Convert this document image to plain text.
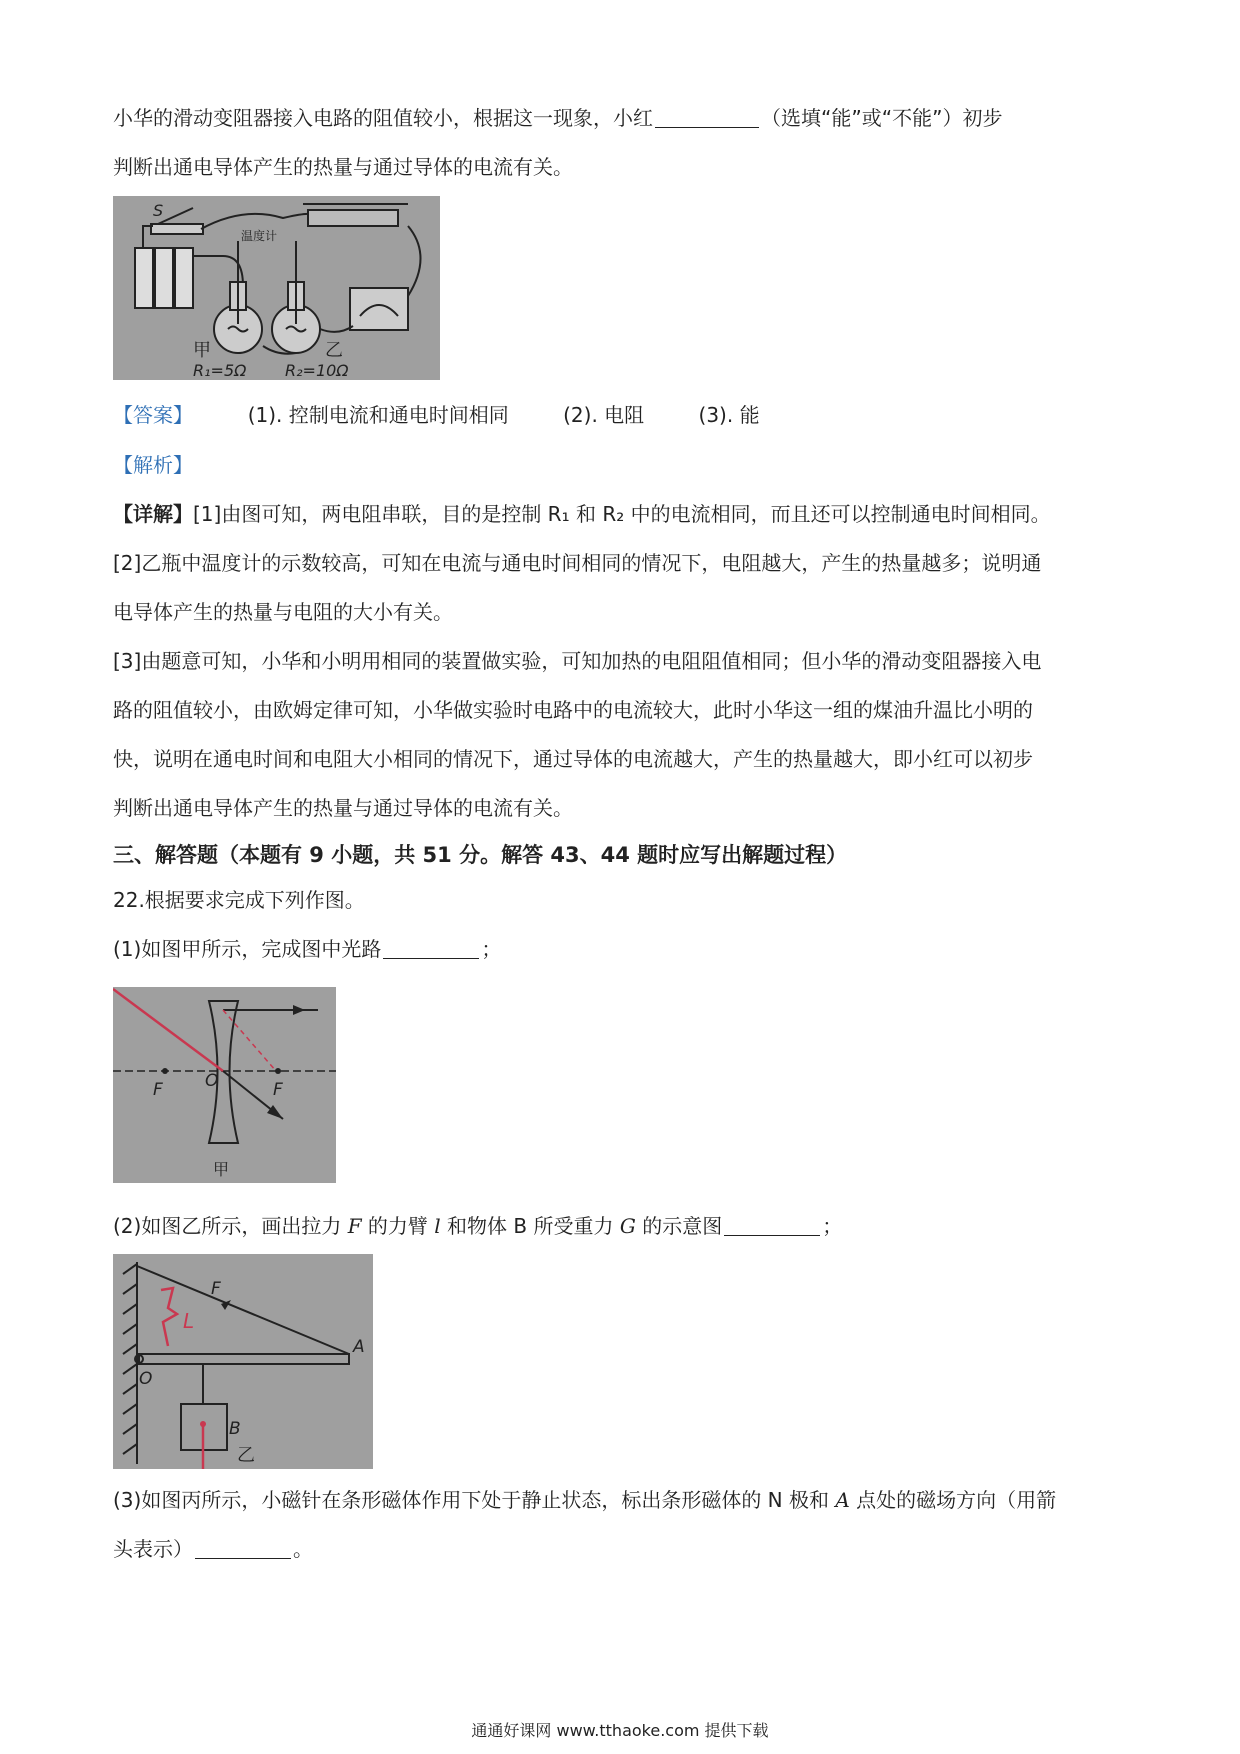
小华的滑动变阻器接入电路的阻值较小，根据这一现象，小红	（选填“能”或“不能”）初步
判断出通电导体产生的热量与通过导体的电流有关。
S
温度计
甲	乙
R₁=5Ω R₂=10Ω
【答案】	(1). 控制电流和通电时间相同	(2). 电阻	(3). 能
【解析】
【详解】[1]由图可知，两电阻串联，目的是控制 R₁ 和 R₂ 中的电流相同，而且还可以控制通电时间相同。
[2]乙瓶中温度计的示数较高，可知在电流与通电时间相同的情况下，电阻越大，产生的热量越多；说明通
电导体产生的热量与电阻的大小有关。
[3]由题意可知，小华和小明用相同的装置做实验，可知加热的电阻阻值相同；但小华的滑动变阻器接入电
路的阻值较小，由欧姆定律可知，小华做实验时电路中的电流较大，此时小华这一组的煤油升温比小明的
快，说明在通电时间和电阻大小相同的情况下，通过导体的电流越大，产生的热量越大，即小红可以初步
判断出通电导体产生的热量与通过导体的电流有关。
三、解答题（本题有 9 小题，共 51 分。解答 43、44 题时应写出解题过程）
22.根据要求完成下列作图。
(1)如图甲所示，完成图中光路	；
F O	F
甲
(2)如图乙所示，画出拉力 F 的力臂 l 和物体 B 所受重力 G 的示意图	；
F
L
A
O
B
乙
(3)如图丙所示，小磁针在条形磁体作用下处于静止状态，标出条形磁体的 N 极和 A 点处的磁场方向（用箭
头表示）	。
通通好课网 www.tthaoke.com 提供下载
